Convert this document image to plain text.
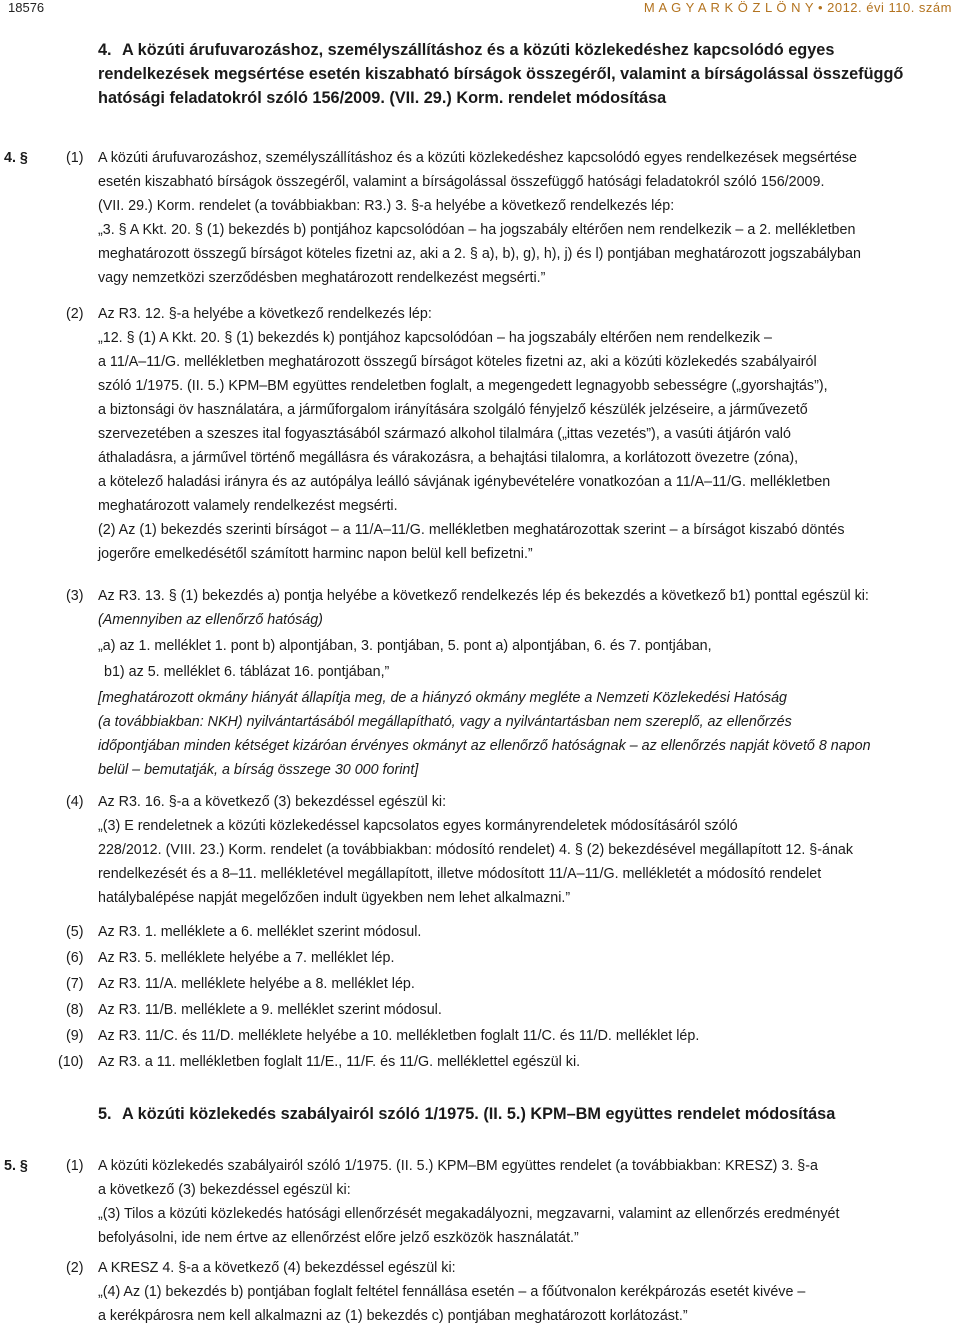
18576	M A G Y A R K Ö Z L Ö N Y • 2012. évi 110. szám
4. A közúti árufuvarozáshoz, személyszállításhoz és a közúti közlekedéshez kapcsolódó egyes
rendelkezések megsértése esetén kiszabható bírságok összegéről, valamint a bírságolással összefüggő
hatósági feladatokról szóló 156/2009. (VII. 29.) Korm. rendelet módosítása
4. §	(1) A közúti árufuvarozáshoz, személyszállításhoz és a közúti közlekedéshez kapcsolódó egyes rendelkezések megsértése
esetén kiszabható bírságok összegéről, valamint a bírságolással összefüggő hatósági feladatokról szóló 156/2009.
(VII. 29.) Korm. rendelet (a továbbiakban: R3.) 3. §-a helyébe a következő rendelkezés lép:
„3. § A Kkt. 20. § (1) bekezdés b) pontjához kapcsolódóan – ha jogszabály eltérően nem rendelkezik – a 2. mellékletben
meghatározott összegű bírságot köteles fizetni az, aki a 2. § a), b), g), h), j) és l) pontjában meghatározott jogszabályban
vagy nemzetközi szerződésben meghatározott rendelkezést megsérti.”
(2) Az R3. 12. §-a helyébe a következő rendelkezés lép:
„12. § (1) A Kkt. 20. § (1) bekezdés k) pontjához kapcsolódóan – ha jogszabály eltérően nem rendelkezik –
a 11/A–11/G. mellékletben meghatározott összegű bírságot köteles fizetni az, aki a közúti közlekedés szabályairól
szóló 1/1975. (II. 5.) KPM–BM együttes rendeletben foglalt, a megengedett legnagyobb sebességre („gyorshajtás”),
a biztonsági öv használatára, a járműforgalom irányítására szolgáló fényjelző készülék jelzéseire, a járművezető
szervezetében a szeszes ital fogyasztásából származó alkohol tilalmára („ittas vezetés”), a vasúti átjárón való
áthaladásra, a járművel történő megállásra és várakozásra, a behajtási tilalomra, a korlátozott övezetre (zóna),
a kötelező haladási irányra és az autópálya leálló sávjának igénybevételére vonatkozóan a 11/A–11/G. mellékletben
meghatározott valamely rendelkezést megsérti.
(2) Az (1) bekezdés szerinti bírságot – a 11/A–11/G. mellékletben meghatározottak szerint – a bírságot kiszabó döntés
jogerőre emelkedésétől számított harminc napon belül kell befizetni.”
(3) Az R3. 13. § (1) bekezdés a) pontja helyébe a következő rendelkezés lép és bekezdés a következő b1) ponttal egészül ki:
(Amennyiben az ellenőrző hatóság)
„a) az 1. melléklet 1. pont b) alpontjában, 3. pontjában, 5. pont a) alpontjában, 6. és 7. pontjában,
b1) az 5. melléklet 6. táblázat 16. pontjában,”
[meghatározott okmány hiányát állapítja meg, de a hiányzó okmány megléte a Nemzeti Közlekedési Hatóság
(a továbbiakban: NKH) nyilvántartásából megállapítható, vagy a nyilvántartásban nem szereplő, az ellenőrzés
időpontjában minden kétséget kizáróan érvényes okmányt az ellenőrző hatóságnak – az ellenőrzés napját követő 8 napon
belül – bemutatják, a bírság összege 30 000 forint]
(4) Az R3. 16. §-a a következő (3) bekezdéssel egészül ki:
„(3) E rendeletnek a közúti közlekedéssel kapcsolatos egyes kormányrendeletek módosításáról szóló
228/2012. (VIII. 23.) Korm. rendelet (a továbbiakban: módosító rendelet) 4. § (2) bekezdésével megállapított 12. §-ának
rendelkezését és a 8–11. mellékletével megállapított, illetve módosított 11/A–11/G. mellékletét a módosító rendelet
hatálybalépése napját megelőzően indult ügyekben nem lehet alkalmazni.”
(5) Az R3. 1. melléklete a 6. melléklet szerint módosul.
(6) Az R3. 5. melléklete helyébe a 7. melléklet lép.
(7) Az R3. 11/A. melléklete helyébe a 8. melléklet lép.
(8) Az R3. 11/B. melléklete a 9. melléklet szerint módosul.
(9) Az R3. 11/C. és 11/D. melléklete helyébe a 10. mellékletben foglalt 11/C. és 11/D. melléklet lép.
(10) Az R3. a 11. mellékletben foglalt 11/E., 11/F. és 11/G. melléklettel egészül ki.
5. A közúti közlekedés szabályairól szóló 1/1975. (II. 5.) KPM–BM együttes rendelet módosítása
5. §	(1) A közúti közlekedés szabályairól szóló 1/1975. (II. 5.) KPM–BM együttes rendelet (a továbbiakban: KRESZ) 3. §-a
a következő (3) bekezdéssel egészül ki:
„(3) Tilos a közúti közlekedés hatósági ellenőrzését megakadályozni, megzavarni, valamint az ellenőrzés eredményét
befolyásolni, ide nem értve az ellenőrzést előre jelző eszközök használatát.”
(2) A KRESZ 4. §-a a következő (4) bekezdéssel egészül ki:
„(4) Az (1) bekezdés b) pontjában foglalt feltétel fennállása esetén – a főútvonalon kerékpározás esetét kivéve –
a kerékpárosra nem kell alkalmazni az (1) bekezdés c) pontjában meghatározott korlátozást.”
